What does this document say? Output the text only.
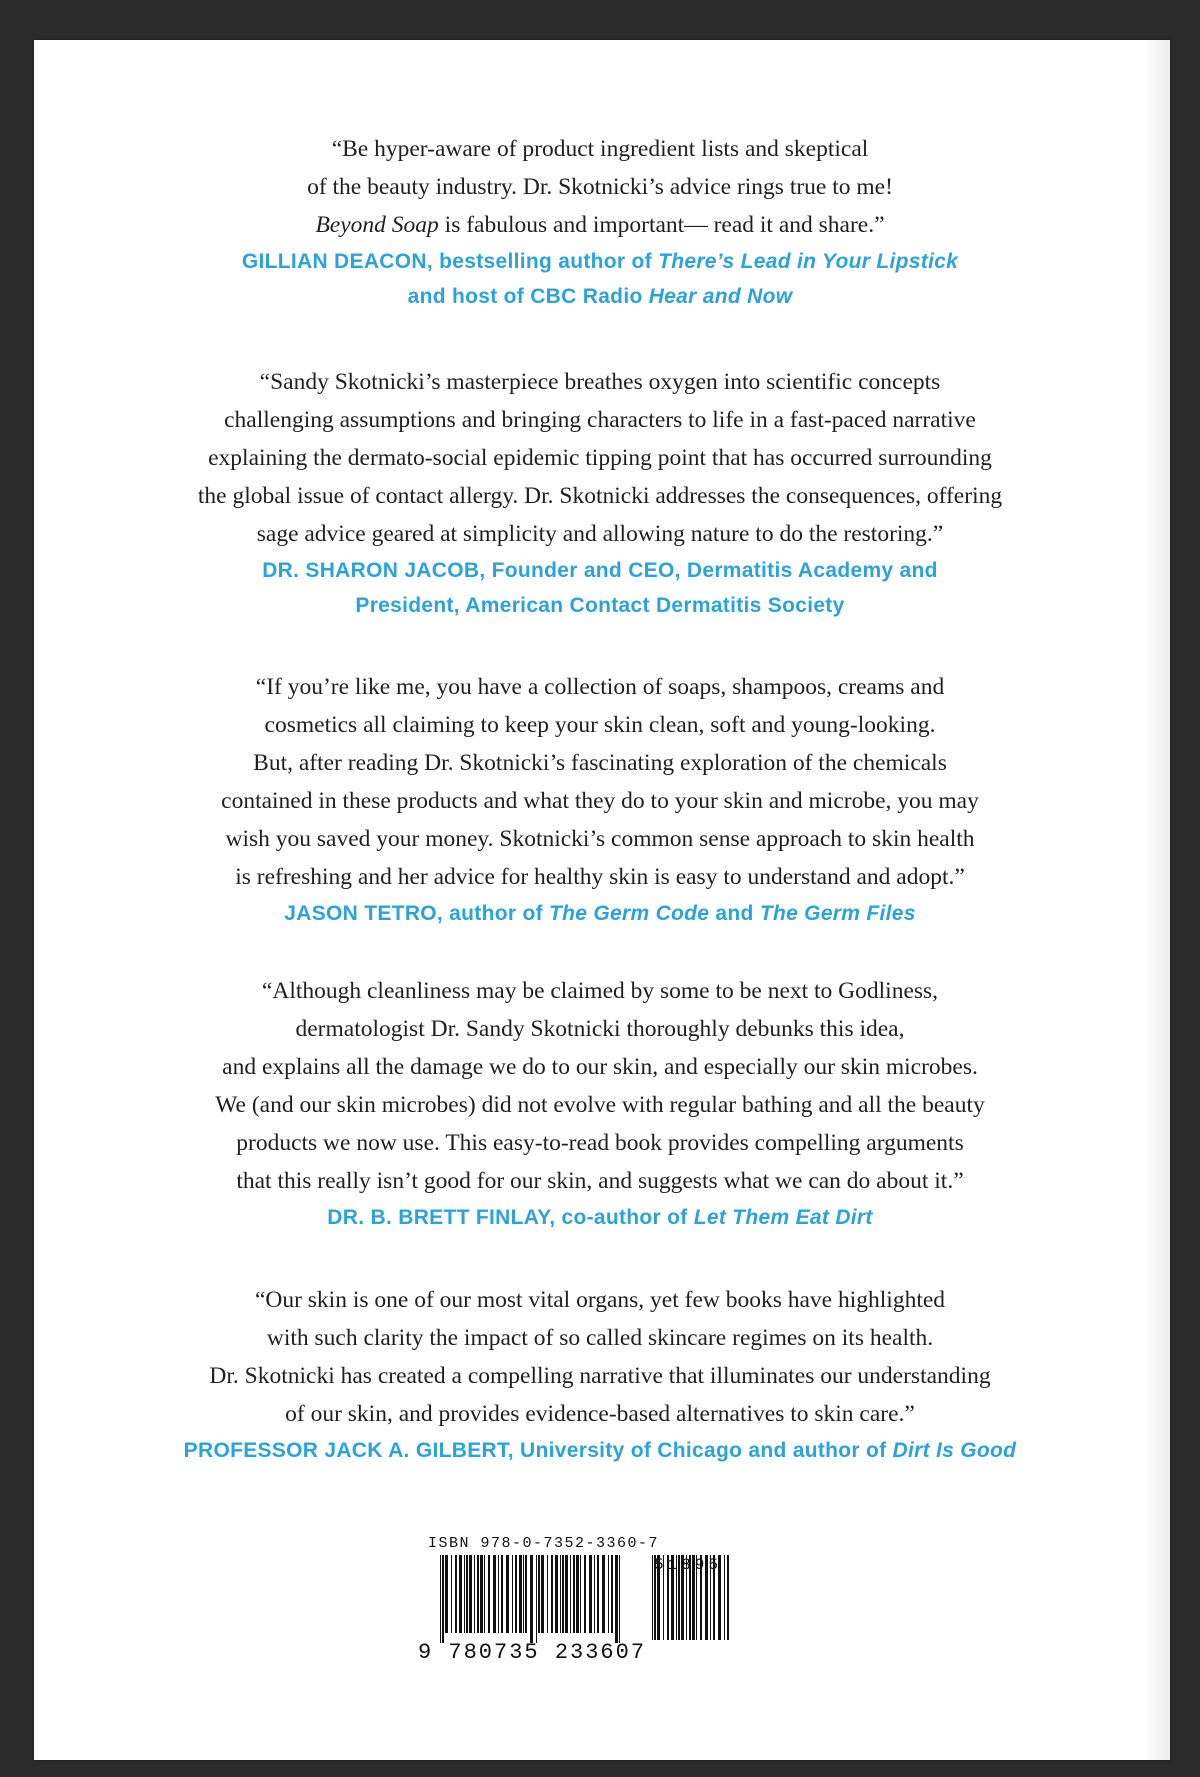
“Be hyper-aware of product ingredient lists and skeptical
of the beauty industry. Dr. Skotnicki’s advice rings true to me!
Beyond Soap is fabulous and important— read it and share.”
GILLIAN DEACON, bestselling author of There’s Lead in Your Lipstick
and host of CBC Radio Hear and Now
“Sandy Skotnicki’s masterpiece breathes oxygen into scientific concepts
challenging assumptions and bringing characters to life in a fast-paced narrative
explaining the dermato-social epidemic tipping point that has occurred surrounding
the global issue of contact allergy. Dr. Skotnicki addresses the consequences, offering
sage advice geared at simplicity and allowing nature to do the restoring.”
DR. SHARON JACOB, Founder and CEO, Dermatitis Academy and
President, American Contact Dermatitis Society
“If you’re like me, you have a collection of soaps, shampoos, creams and
cosmetics all claiming to keep your skin clean, soft and young-looking.
But, after reading Dr. Skotnicki’s fascinating exploration of the chemicals
contained in these products and what they do to your skin and microbe, you may
wish you saved your money. Skotnicki’s common sense approach to skin health
is refreshing and her advice for healthy skin is easy to understand and adopt.”
JASON TETRO, author of The Germ Code and The Germ Files
“Although cleanliness may be claimed by some to be next to Godliness,
dermatologist Dr. Sandy Skotnicki thoroughly debunks this idea,
and explains all the damage we do to our skin, and especially our skin microbes.
We (and our skin microbes) did not evolve with regular bathing and all the beauty
products we now use. This easy-to-read book provides compelling arguments
that this really isn’t good for our skin, and suggests what we can do about it.”
DR. B. BRETT FINLAY, co-author of Let Them Eat Dirt
“Our skin is one of our most vital organs, yet few books have highlighted
with such clarity the impact of so called skincare regimes on its health.
Dr. Skotnicki has created a compelling narrative that illuminates our understanding
of our skin, and provides evidence-based alternatives to skin care.”
PROFESSOR JACK A. GILBERT, University of Chicago and author of Dirt Is Good
ISBN 978-0-7352-3360-7
51895
9 780735 233607
